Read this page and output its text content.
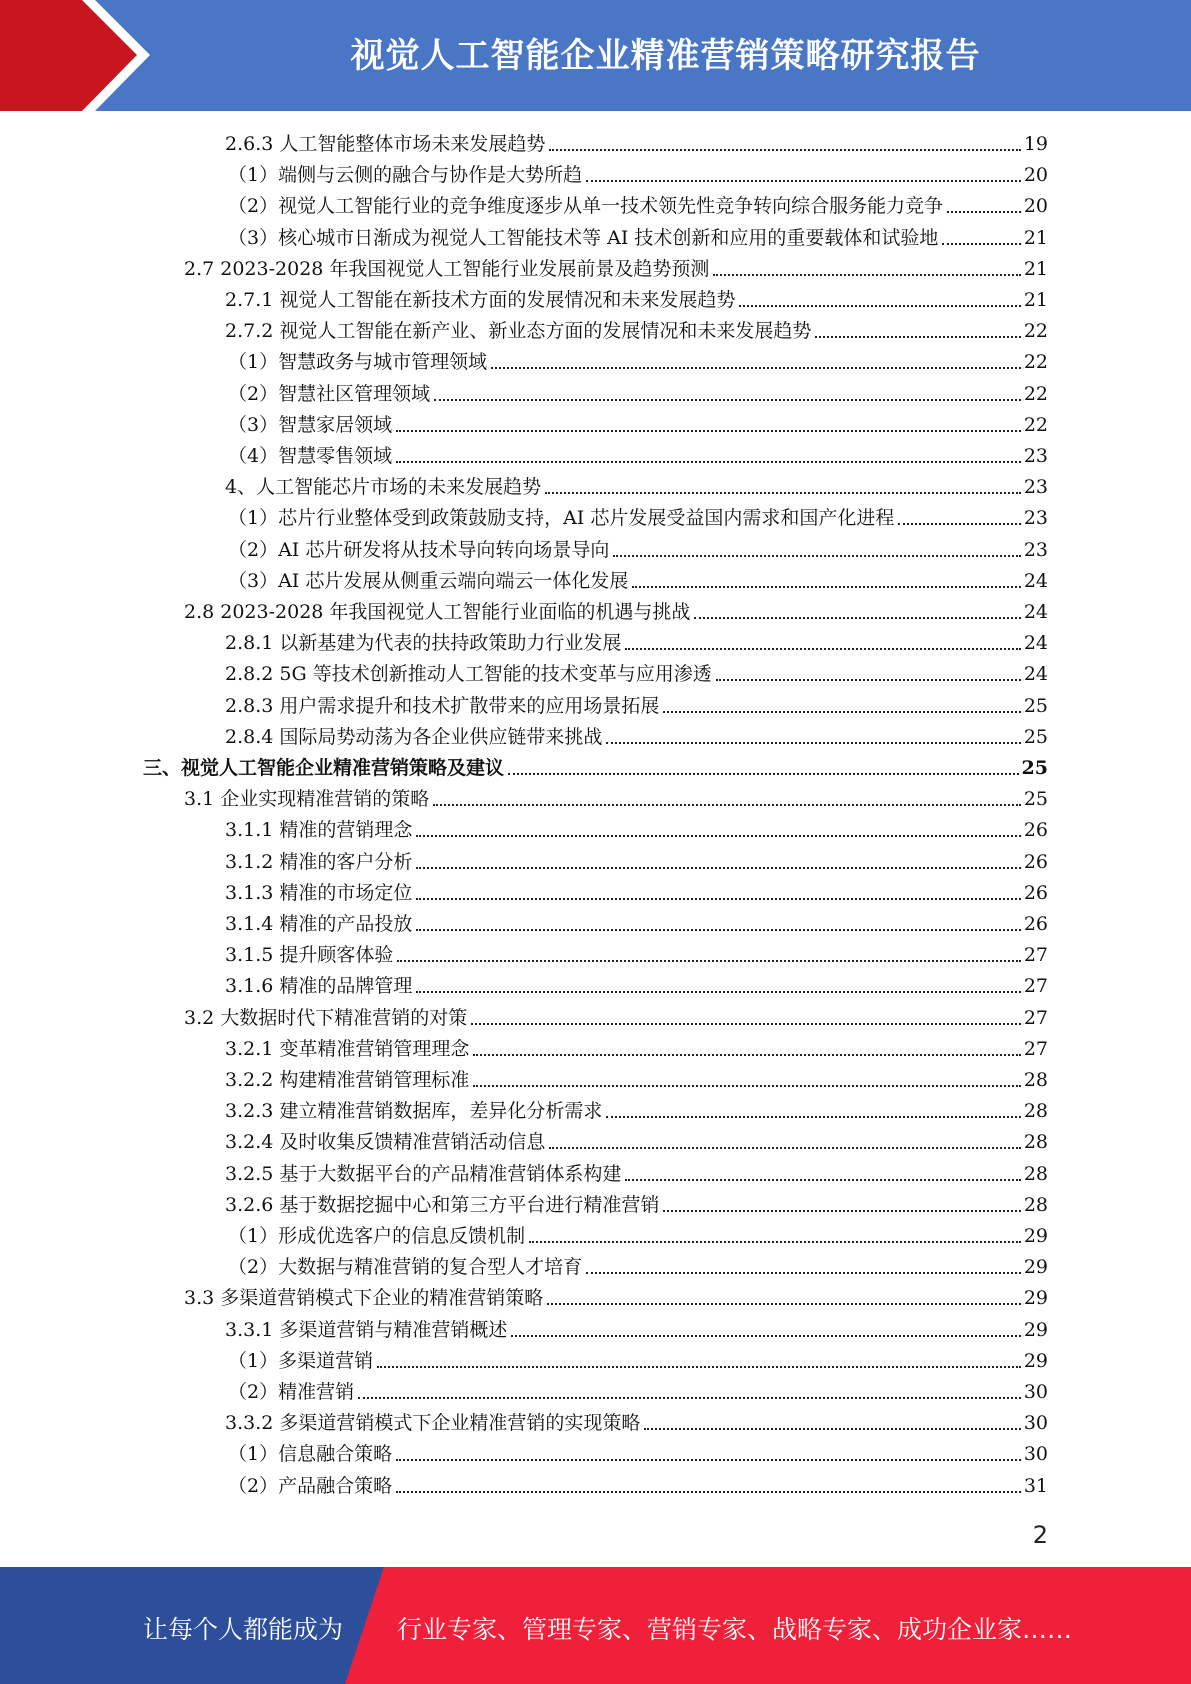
视觉人工智能企业精准营销策略研究报告
2.6.3 人工智能整体市场未来发展趋势	19
（1）端侧与云侧的融合与协作是大势所趋	20
（2）视觉人工智能行业的竞争维度逐步从单一技术领先性竞争转向综合服务能力竞争	20
（3）核心城市日渐成为视觉人工智能技术等 AI 技术创新和应用的重要载体和试验地	21
2.7 2023-2028 年我国视觉人工智能行业发展前景及趋势预测	21
2.7.1 视觉人工智能在新技术方面的发展情况和未来发展趋势	21
2.7.2 视觉人工智能在新产业、新业态方面的发展情况和未来发展趋势	22
（1）智慧政务与城市管理领域	22
（2）智慧社区管理领域	22
（3）智慧家居领域	22
（4）智慧零售领域	23
4、人工智能芯片市场的未来发展趋势	23
（1）芯片行业整体受到政策鼓励支持，AI 芯片发展受益国内需求和国产化进程	23
（2）AI 芯片研发将从技术导向转向场景导向	23
（3）AI 芯片发展从侧重云端向端云一体化发展	24
2.8 2023-2028 年我国视觉人工智能行业面临的机遇与挑战	24
2.8.1 以新基建为代表的扶持政策助力行业发展	24
2.8.2 5G 等技术创新推动人工智能的技术变革与应用渗透	24
2.8.3 用户需求提升和技术扩散带来的应用场景拓展	25
2.8.4 国际局势动荡为各企业供应链带来挑战	25
三、视觉人工智能企业精准营销策略及建议	25
3.1 企业实现精准营销的策略	25
3.1.1 精准的营销理念	26
3.1.2 精准的客户分析	26
3.1.3 精准的市场定位	26
3.1.4 精准的产品投放	26
3.1.5 提升顾客体验	27
3.1.6 精准的品牌管理	27
3.2 大数据时代下精准营销的对策	27
3.2.1 变革精准营销管理理念	27
3.2.2 构建精准营销管理标准	28
3.2.3 建立精准营销数据库，差异化分析需求	28
3.2.4 及时收集反馈精准营销活动信息	28
3.2.5 基于大数据平台的产品精准营销体系构建	28
3.2.6 基于数据挖掘中心和第三方平台进行精准营销	28
（1）形成优选客户的信息反馈机制	29
（2）大数据与精准营销的复合型人才培育	29
3.3 多渠道营销模式下企业的精准营销策略	29
3.3.1 多渠道营销与精准营销概述	29
（1）多渠道营销	29
（2）精准营销	30
3.3.2 多渠道营销模式下企业精准营销的实现策略	30
（1）信息融合策略	30
（2）产品融合策略	31
2
让每个人都能成为 行业专家、管理专家、营销专家、战略专家、成功企业家……
